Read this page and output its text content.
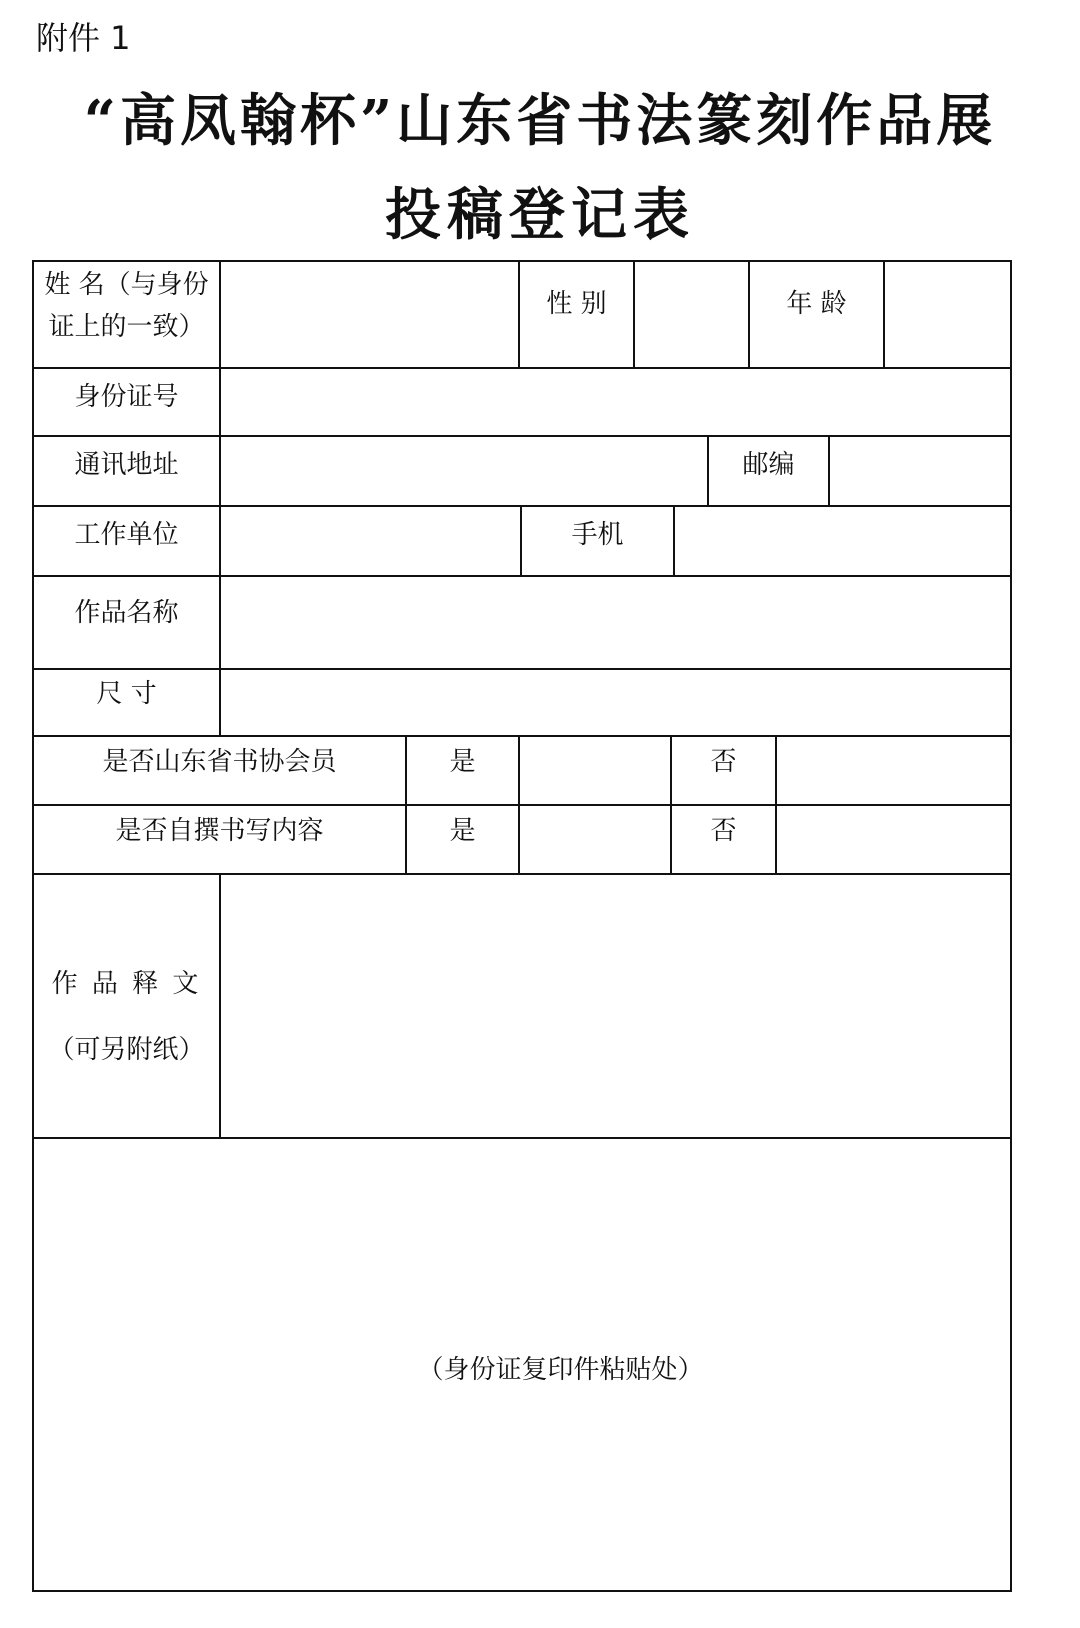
附件 1
“高凤翰杯”山东省书法篆刻作品展
投稿登记表
姓 名（与身份
证上的一致）
性 别	年 龄
身份证号
通讯地址	邮编
工作单位	手机
作品名称
尺 寸
是否山东省书协会员	是	否
是否自撰书写内容	是	否
作 品 释 文
（可另附纸）
（身份证复印件粘贴处）
